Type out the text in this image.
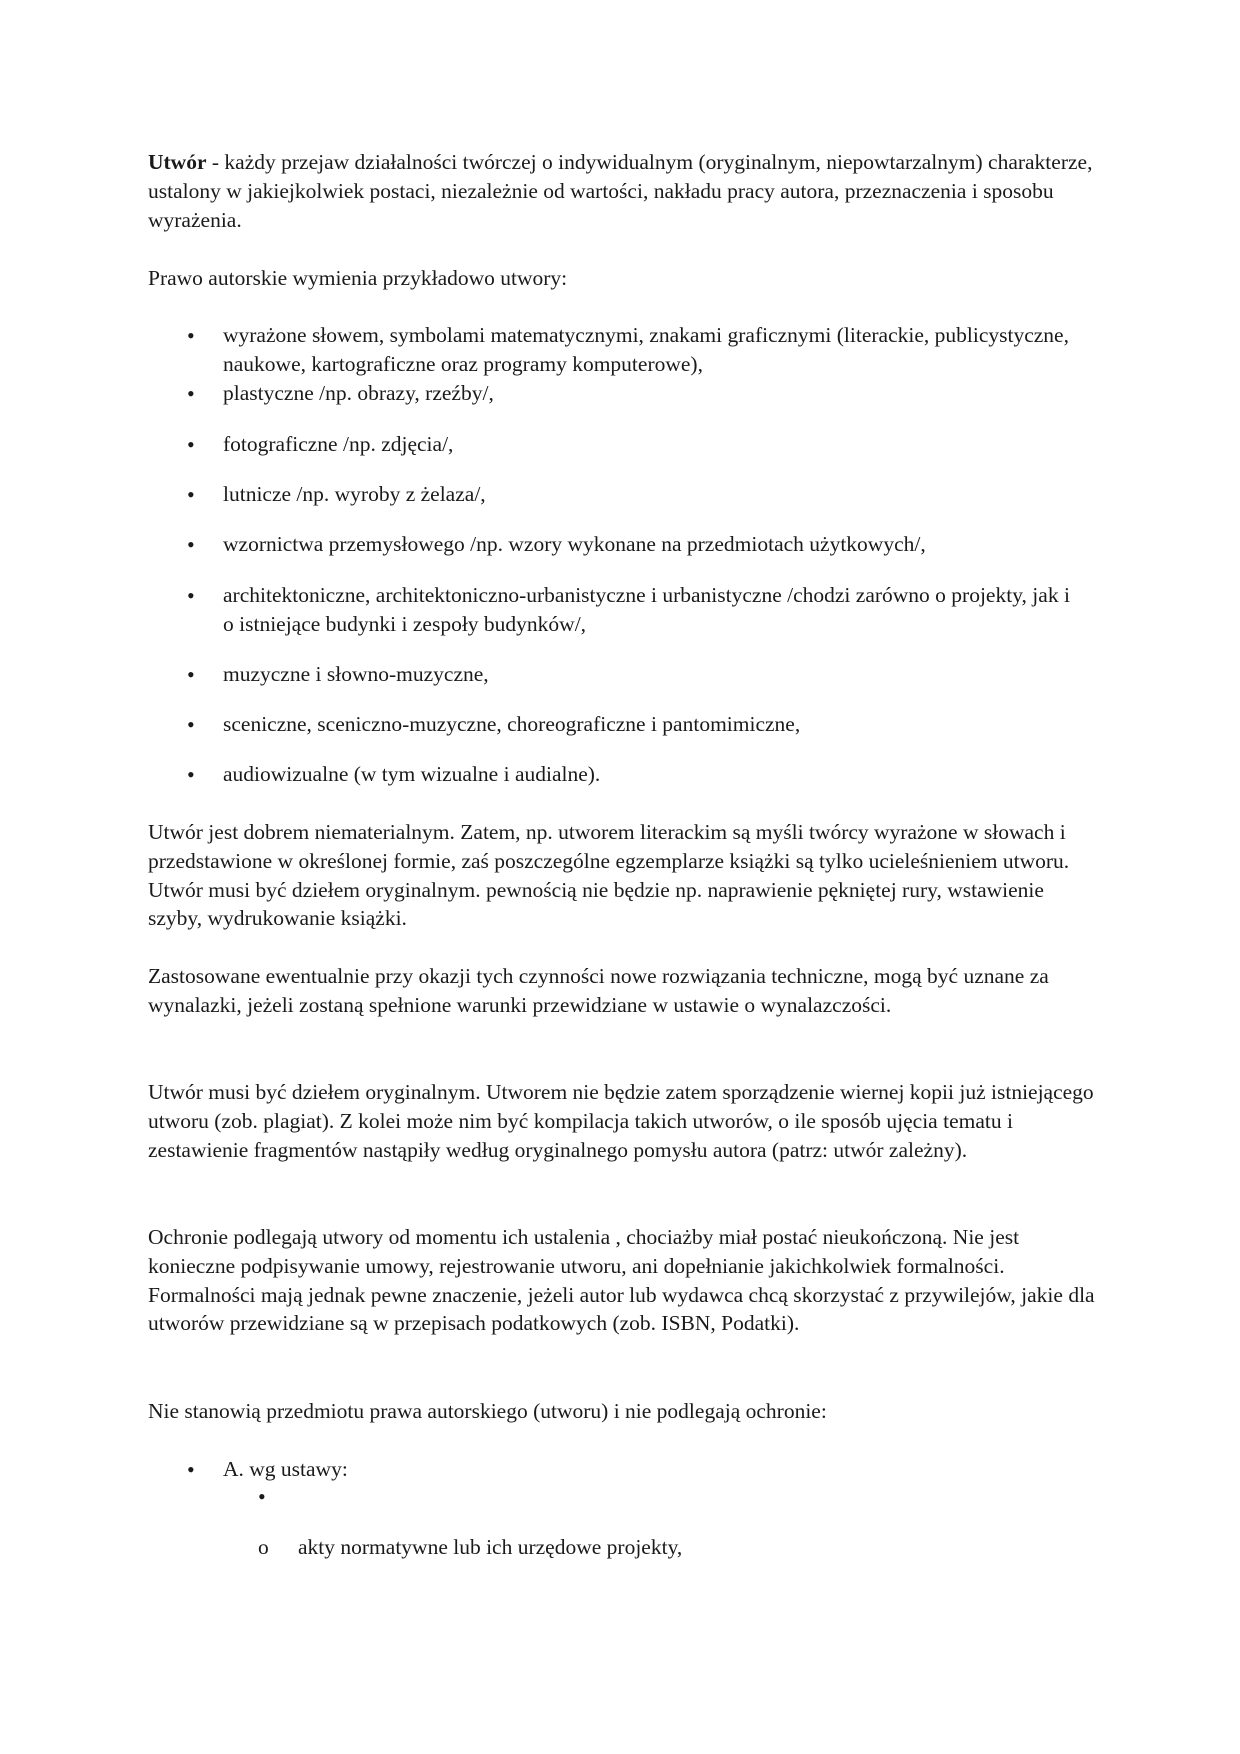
Utwór - każdy przejaw działalności twórczej o indywidualnym (oryginalnym, niepowtarzalnym) charakterze, ustalony w jakiejkolwiek postaci, niezależnie od wartości, nakładu pracy autora, przeznaczenia i sposobu wyrażenia.

Prawo autorskie wymienia przykładowo utwory:

•	wyrażone słowem, symbolami matematycznymi, znakami graficznymi (literackie, publicystyczne, naukowe, kartograficzne oraz programy komputerowe),
•	plastyczne /np. obrazy, rzeźby/,
•	fotograficzne /np. zdjęcia/,
•	lutnicze /np. wyroby z żelaza/,
•	wzornictwa przemysłowego /np. wzory wykonane na przedmiotach użytkowych/,
•	architektoniczne, architektoniczno-urbanistyczne i urbanistyczne /chodzi zarówno o projekty, jak i o istniejące budynki i zespoły budynków/,
•	muzyczne i słowno-muzyczne,
•	sceniczne, sceniczno-muzyczne, choreograficzne i pantomimiczne,
•	audiowizualne (w tym wizualne i audialne).

Utwór jest dobrem niematerialnym. Zatem, np. utworem literackim są myśli twórcy wyrażone w słowach i przedstawione w określonej formie, zaś poszczególne egzemplarze książki są tylko ucieleśnieniem utworu. Utwór musi być dziełem oryginalnym. pewnością nie będzie np. naprawienie pękniętej rury, wstawienie szyby, wydrukowanie książki.

Zastosowane ewentualnie przy okazji tych czynności nowe rozwiązania techniczne, mogą być uznane za wynalazki, jeżeli zostaną spełnione warunki przewidziane w ustawie o wynalazczości.

Utwór musi być dziełem oryginalnym. Utworem nie będzie zatem sporządzenie wiernej kopii już istniejącego utworu (zob. plagiat). Z kolei może nim być kompilacja takich utworów, o ile sposób ujęcia tematu i zestawienie fragmentów nastąpiły według oryginalnego pomysłu autora (patrz: utwór zależny).

Ochronie podlegają utwory od momentu ich ustalenia , chociażby miał postać nieukończoną. Nie jest konieczne podpisywanie umowy, rejestrowanie utworu, ani dopełnianie jakichkolwiek formalności. Formalności mają jednak pewne znaczenie, jeżeli autor lub wydawca chcą skorzystać z przywilejów, jakie dla utworów przewidziane są w przepisach podatkowych (zob. ISBN, Podatki).

Nie stanowią przedmiotu prawa autorskiego (utworu) i nie podlegają ochronie:

•	A. wg ustawy:
•
o	akty normatywne lub ich urzędowe projekty,
